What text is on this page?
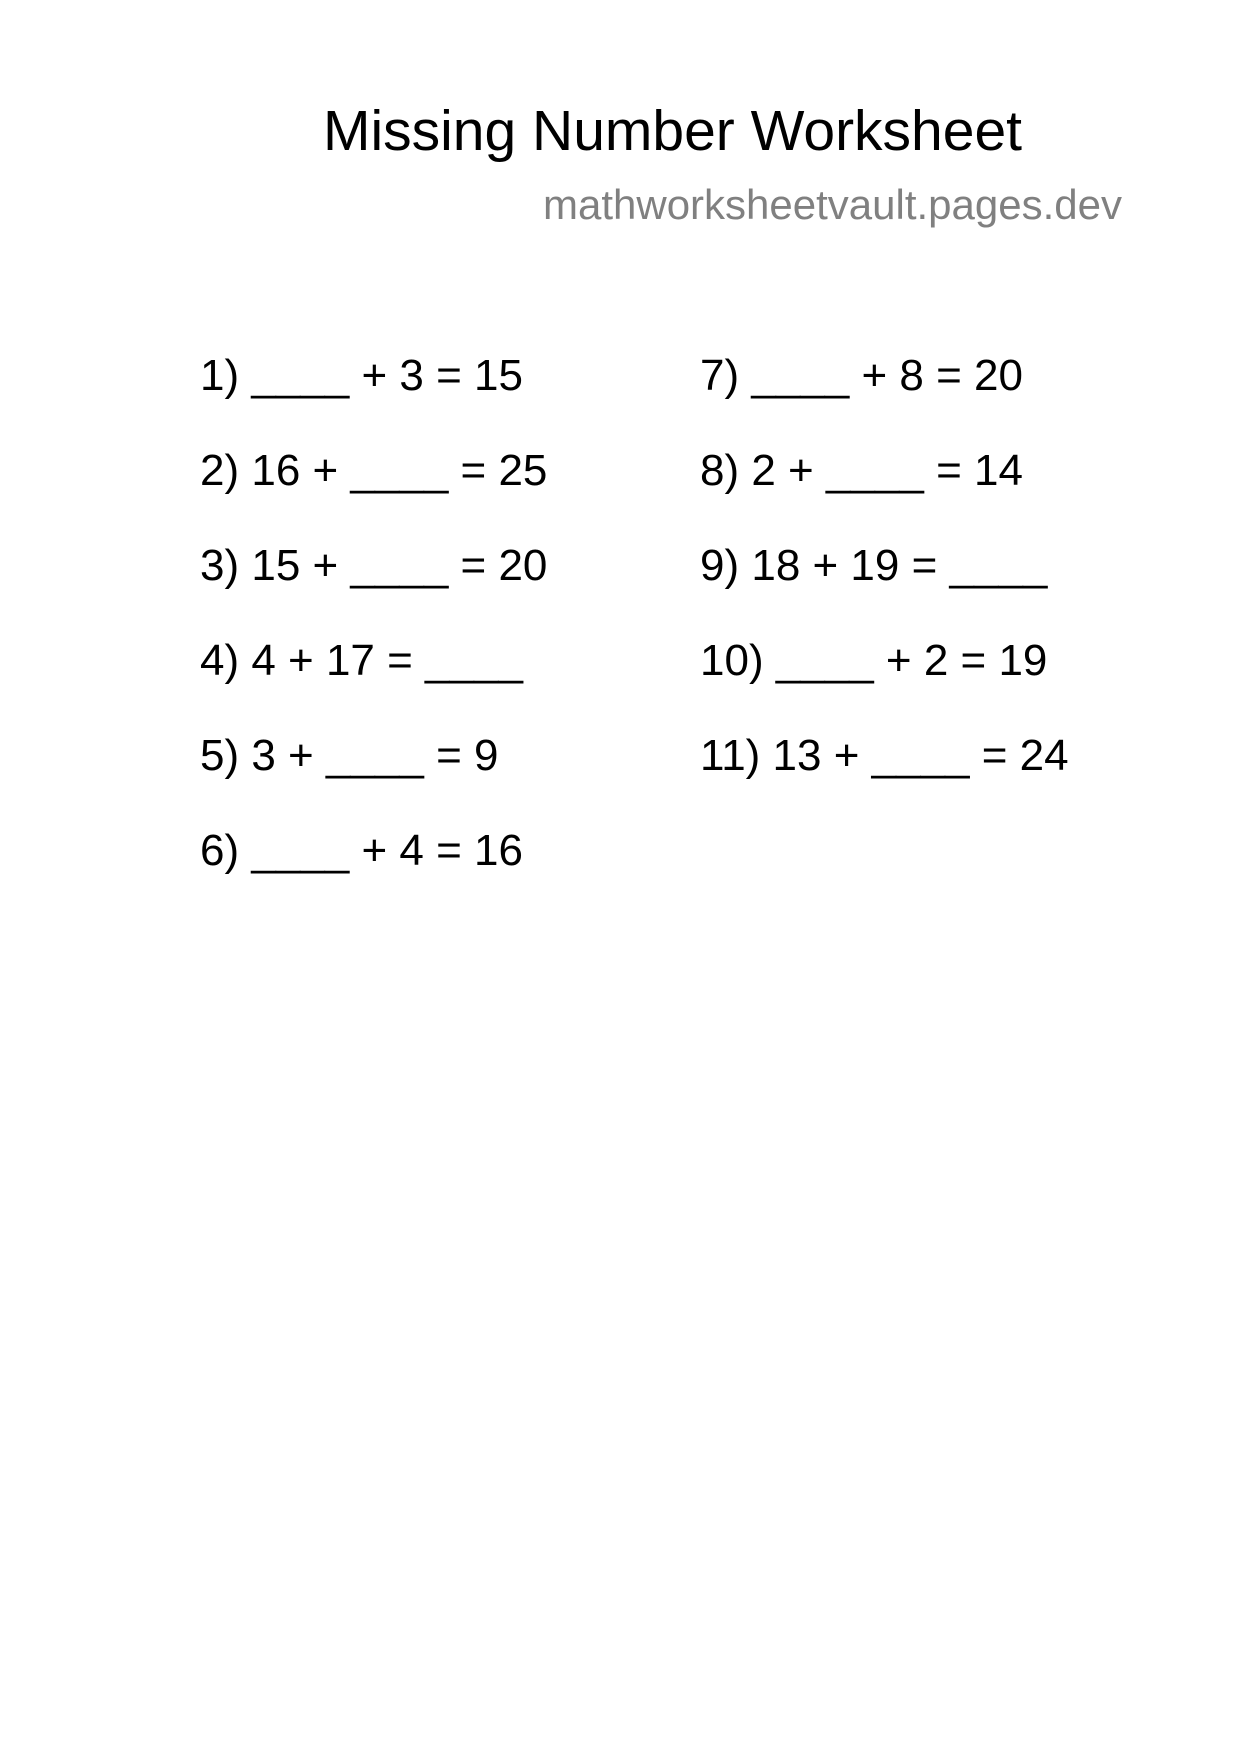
Missing Number Worksheet
mathworksheetvault.pages.dev
1) ____ + 3 = 15
2) 16 + ____ = 25
3) 15 + ____ = 20
4) 4 + 17 = ____
5) 3 + ____ = 9
6) ____ + 4 = 16
7) ____ + 8 = 20
8) 2 + ____ = 14
9) 18 + 19 = ____
10) ____ + 2 = 19
11) 13 + ____ = 24
